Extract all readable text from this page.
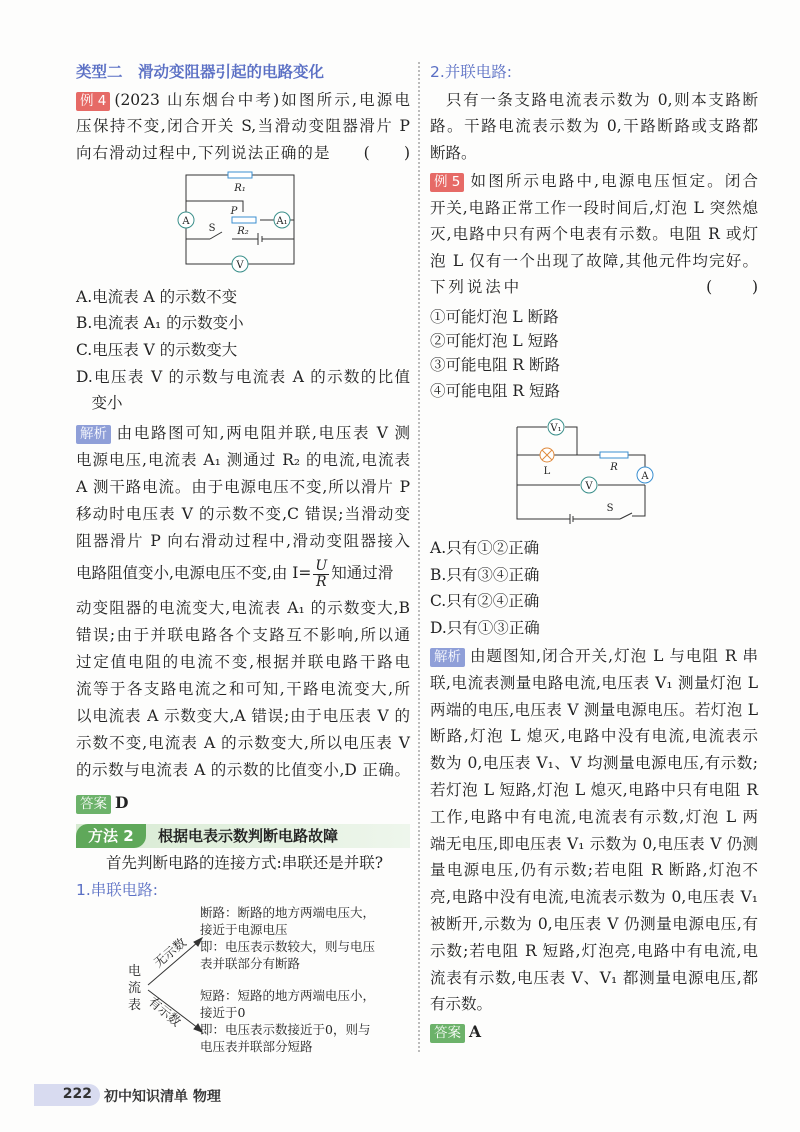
类型二　滑动变阻器引起的电路变化
例 4 (2023 山东烟台中考)如图所示,电源电
压保持不变,闭合开关 S,当滑动变阻器滑片 P
向右滑动过程中,下列说法正确的是　　(　　)
R₁
P
R₂
A	A₁
S
V
A.电流表 A 的示数不变
B.电流表 A₁ 的示数变小
C.电压表 V 的示数变大
D.电压表 V 的示数与电流表 A 的示数的比值
　变小
答案 D
方法 2	根据电表示数判断电路故障
首先判断电路的连接方式:串联还是并联?
1.串联电路:
电流表
无示数
有示数
断路：断路的地方两端电压大，
接近于电源电压
即：电压表示数较大，则与电压
表并联部分有断路
短路：短路的地方两端电压小，
接近于0
即：电压表示数接近于0，则与
电压表并联部分短路
222 初中知识清单 物理
2.并联电路:
只有一条支路电流表示数为 0,则本支路断
路。干路电流表示数为 0,干路断路或支路都
断路。
例 5 如图所示电路中,电源电压恒定。闭合
开关,电路正常工作一段时间后,灯泡 L 突然熄
灭,电路中只有两个电表有示数。电阻 R 或灯
泡 L 仅有一个出现了故障,其他元件均完好。
下列说法中　　　　　　　　　　(　　)
①可能灯泡 L 断路
②可能灯泡 L 短路
③可能电阻 R 断路
④可能电阻 R 短路
V₁
L	R
A
V
S
A.只有①②正确
B.只有③④正确
C.只有②④正确
D.只有①③正确
答案 A
解析 由电路图可知,两电阻并联,电压表 V 测
电源电压,电流表 A₁ 测通过 R₂ 的电流,电流表
A 测干路电流。由于电源电压不变,所以滑片 P
移动时电压表 V 的示数不变,C 错误;当滑动变
阻器滑片 P 向右滑动过程中,滑动变阻器接入
电路阻值变小,电源电压不变,由 $I= \frac{U}{R}$ 知通过滑
动变阻器的电流变大,电流表 A₁ 的示数变大,B
错误;由于并联电路各个支路互不影响,所以通
过定值电阻的电流不变,根据并联电路干路电
流等于各支路电流之和可知,干路电流变大,所
以电流表 A 示数变大,A 错误;由于电压表 V 的
示数不变,电流表 A 的示数变大,所以电压表 V
的示数与电流表 A 的示数的比值变小,D 正确。
解析 由题图知,闭合开关,灯泡 L 与电阻 R 串
联,电流表测量电路电流,电压表 V₁ 测量灯泡 L
两端的电压,电压表 V 测量电源电压。若灯泡 L
断路,灯泡 L 熄灭,电路中没有电流,电流表示
数为 0,电压表 V₁、V 均测量电源电压,有示数;
若灯泡 L 短路,灯泡 L 熄灭,电路中只有电阻 R
工作,电路中有电流,电流表有示数,灯泡 L 两
端无电压,即电压表 V₁ 示数为 0,电压表 V 仍测
量电源电压,仍有示数;若电阻 R 断路,灯泡不
亮,电路中没有电流,电流表示数为 0,电压表 V₁
被断开,示数为 0,电压表 V 仍测量电源电压,有
示数;若电阻 R 短路,灯泡亮,电路中有电流,电
流表有示数,电压表 V、V₁ 都测量电源电压,都
有示数。
